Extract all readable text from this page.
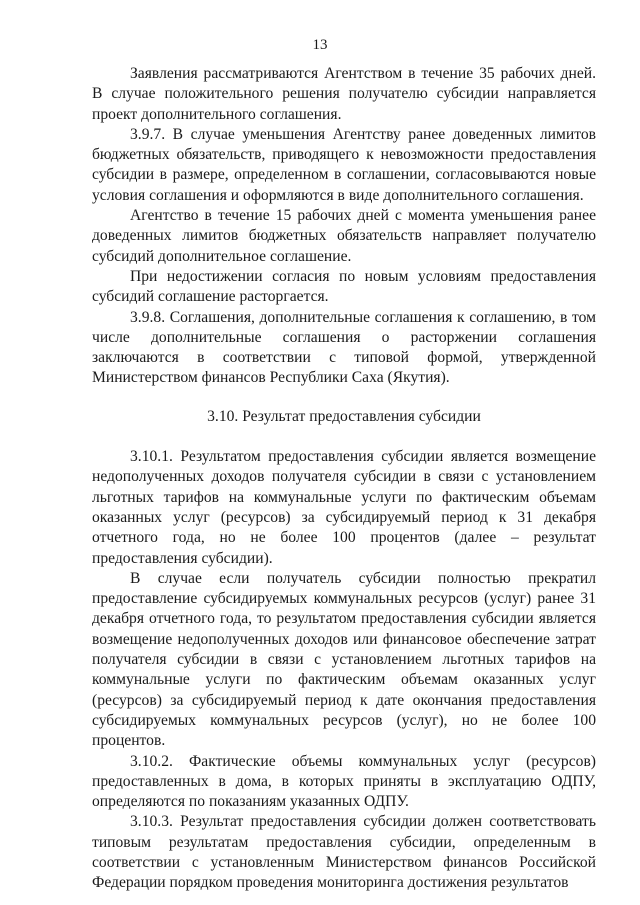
13

Заявления рассматриваются Агентством в течение 35 рабочих дней. В случае положительного решения получателю субсидии направляется проект дополнительного соглашения.

3.9.7. В случае уменьшения Агентству ранее доведенных лимитов бюджетных обязательств, приводящего к невозможности предоставления субсидии в размере, определенном в соглашении, согласовываются новые условия соглашения и оформляются в виде дополнительного соглашения.

Агентство в течение 15 рабочих дней с момента уменьшения ранее доведенных лимитов бюджетных обязательств направляет получателю субсидий дополнительное соглашение.

При недостижении согласия по новым условиям предоставления субсидий соглашение расторгается.

3.9.8. Соглашения, дополнительные соглашения к соглашению, в том числе дополнительные соглашения о расторжении соглашения заключаются в соответствии с типовой формой, утвержденной Министерством финансов Республики Саха (Якутия).

3.10. Результат предоставления субсидии

3.10.1. Результатом предоставления субсидии является возмещение недополученных доходов получателя субсидии в связи с установлением льготных тарифов на коммунальные услуги по фактическим объемам оказанных услуг (ресурсов) за субсидируемый период к 31 декабря отчетного года, но не более 100 процентов (далее – результат предоставления субсидии).

В случае если получатель субсидии полностью прекратил предоставление субсидируемых коммунальных ресурсов (услуг) ранее 31 декабря отчетного года, то результатом предоставления субсидии является возмещение недополученных доходов или финансовое обеспечение затрат получателя субсидии в связи с установлением льготных тарифов на коммунальные услуги по фактическим объемам оказанных услуг (ресурсов) за субсидируемый период к дате окончания предоставления субсидируемых коммунальных ресурсов (услуг), но не более 100 процентов.

3.10.2. Фактические объемы коммунальных услуг (ресурсов) предоставленных в дома, в которых приняты в эксплуатацию ОДПУ, определяются по показаниям указанных ОДПУ.

3.10.3. Результат предоставления субсидии должен соответствовать типовым результатам предоставления субсидии, определенным в соответствии с установленным Министерством финансов Российской Федерации порядком проведения мониторинга достижения результатов
